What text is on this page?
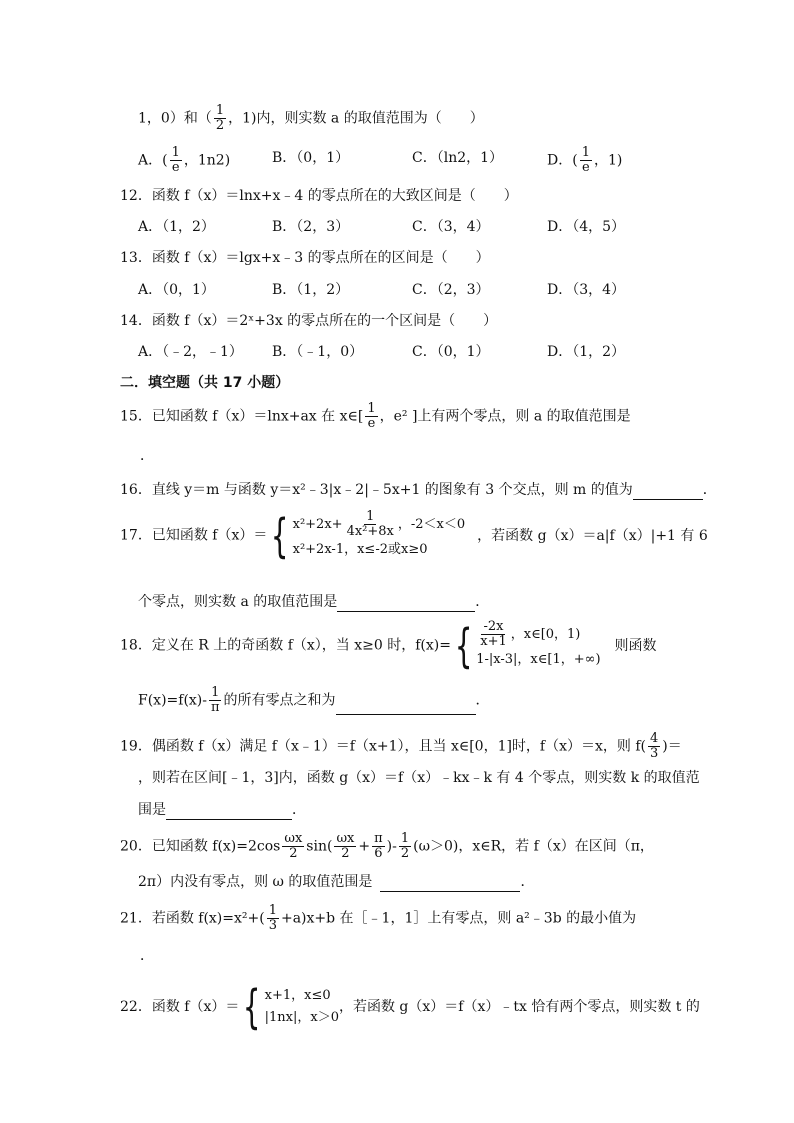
1，0）和（ $\frac{1}{2}$ ，1)内，则实数 a 的取值范围为（　　）
A．( $\frac{1}{e}$ ，1n2)	B．（0，1）	C．（ln2，1）	D．( $\frac{1}{e}$ ，1)
12．函数 f（x）＝lnx+x﹣4 的零点所在的大致区间是（　　）
A．（1，2）	B．（2，3）	C．（3，4）	D．（4，5）
13．函数 f（x）＝lgx+x﹣3 的零点所在的区间是（　　）
A．（0，1）	B．（1，2）	C．（2，3）	D．（3，4）
14．函数 f（x）＝2ˣ+3x 的零点所在的一个区间是（　　）
A．（﹣2，﹣1） B．（﹣1，0）	C．（0，1）	D．（1，2）
二．填空题（共 17 小题）
15．已知函数 f（x）＝lnx+ax 在 x∈[ $\frac{1}{e}$ ，e² ]上有两个零点，则 a 的取值范围是
．
16．直线 y＝m 与函数 y＝x²﹣3|x﹣2|﹣5x+1 的图象有 3 个交点，则 m 的值为	．
17．已知函数 f（x）＝{ $x^2+2x+ \frac{1}{\text{4x²+8x}}$ ，-2＜x＜0
x²+2x-1，x≤-2或x≥0
，若函数 g（x）＝a|f（x）|+1 有 6
个零点，则实数 a 的取值范围是	．
18．定义在 R 上的奇函数 f（x），当 x≥0 时，$f(x)=\{ \frac{-2x}{x+1}$ ，x∈[0，1)
1-|x-3|，x∈[1，+∞)
则函数
$F(x)=f(x)- \frac{1}{\pi}$ 的所有零点之和为	．
19．偶函数 f（x）满足 f（x﹣1）＝f（x+1），且当 x∈[0，1]时，f（x）＝x，则 $f( \frac{4}{3}$ )＝
，则若在区间[﹣1，3]内，函数 g（x）＝f（x）﹣kx﹣k 有 4 个零点，则实数 k 的取值范
围是	．
20．已知函数 $f(x)=2\cos \frac{\omega x}{2} \sin( \frac{\omega x}{2} + \frac{\pi}{6}$ )- $\frac{1}{2} (\omega>0)$，x∈R，若 f（x）在区间（π，
2π）内没有零点，则 ω 的取值范围是	．
21．若函数 $f(x)=x^2+( \frac{1}{3} +a)x+b$ 在［﹣1，1］上有零点，则 a²﹣3b 的最小值为
．
22．函数 f（x）＝{ x+1，x≤0
|1nx|，x＞0
，若函数 g（x）＝f（x）﹣tx 恰有两个零点，则实数 t 的
